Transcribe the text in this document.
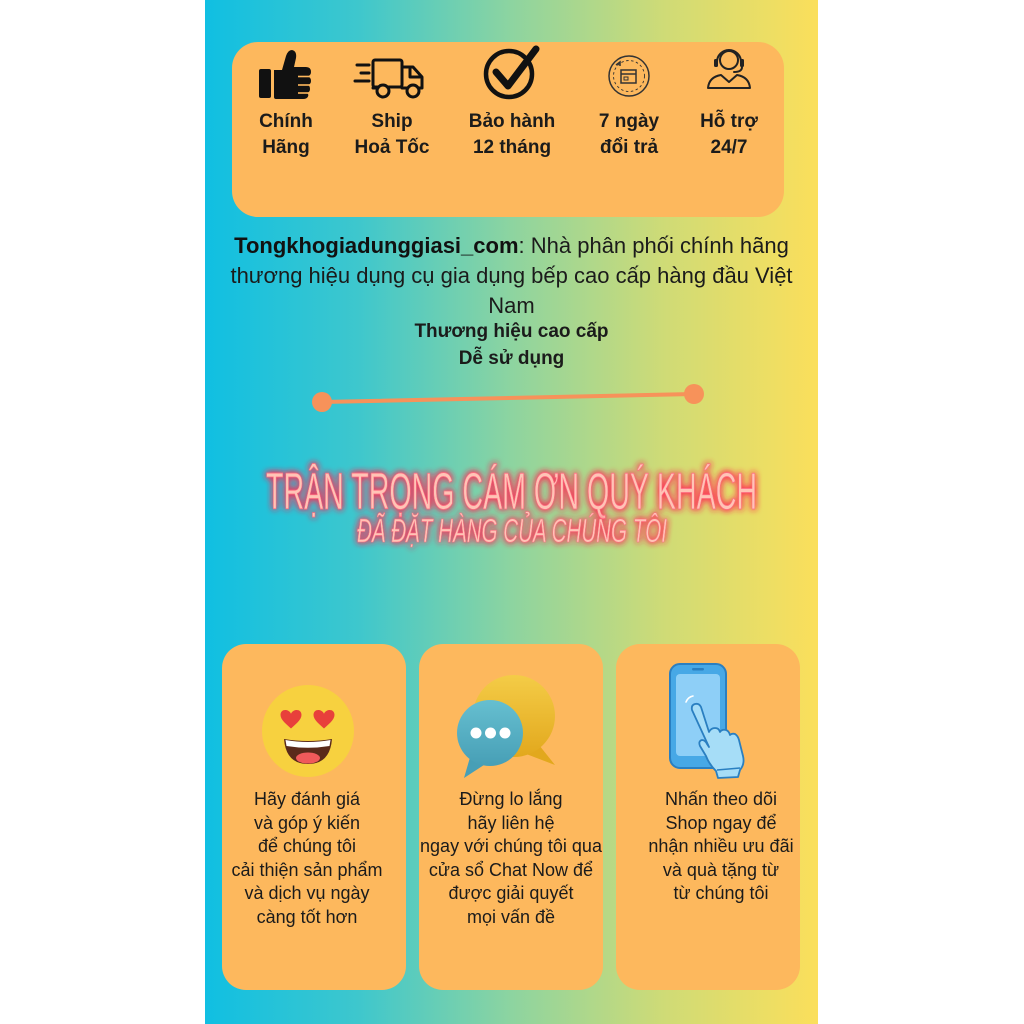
Chính
Hãng
Ship
Hoả Tốc
Bảo hành
12 tháng
7 ngày
đổi trả
Hỗ trợ
24/7
Tongkhogiadunggiasi_com: Nhà phân phối chính hãng
thương hiệu dụng cụ gia dụng bếp cao cấp hàng đầu Việt
Nam
Thương hiệu cao cấp
Dễ sử dụng
TRẬN TRỌNG CÁM ƠN QUÝ KHÁCH
ĐÃ ĐẶT HÀNG CỦA CHÚNG TÔI
Hãy đánh giá
và góp ý kiến
để chúng tôi
cải thiện sản phẩm
và dịch vụ ngày
càng tốt hơn
Đừng lo lắng
hãy liên hệ
ngay với chúng tôi qua
cửa sổ Chat Now để
được giải quyết
mọi vấn đề
Nhấn theo dõi
Shop ngay để
nhận nhiều ưu đãi
và quà tặng từ
từ chúng tôi
